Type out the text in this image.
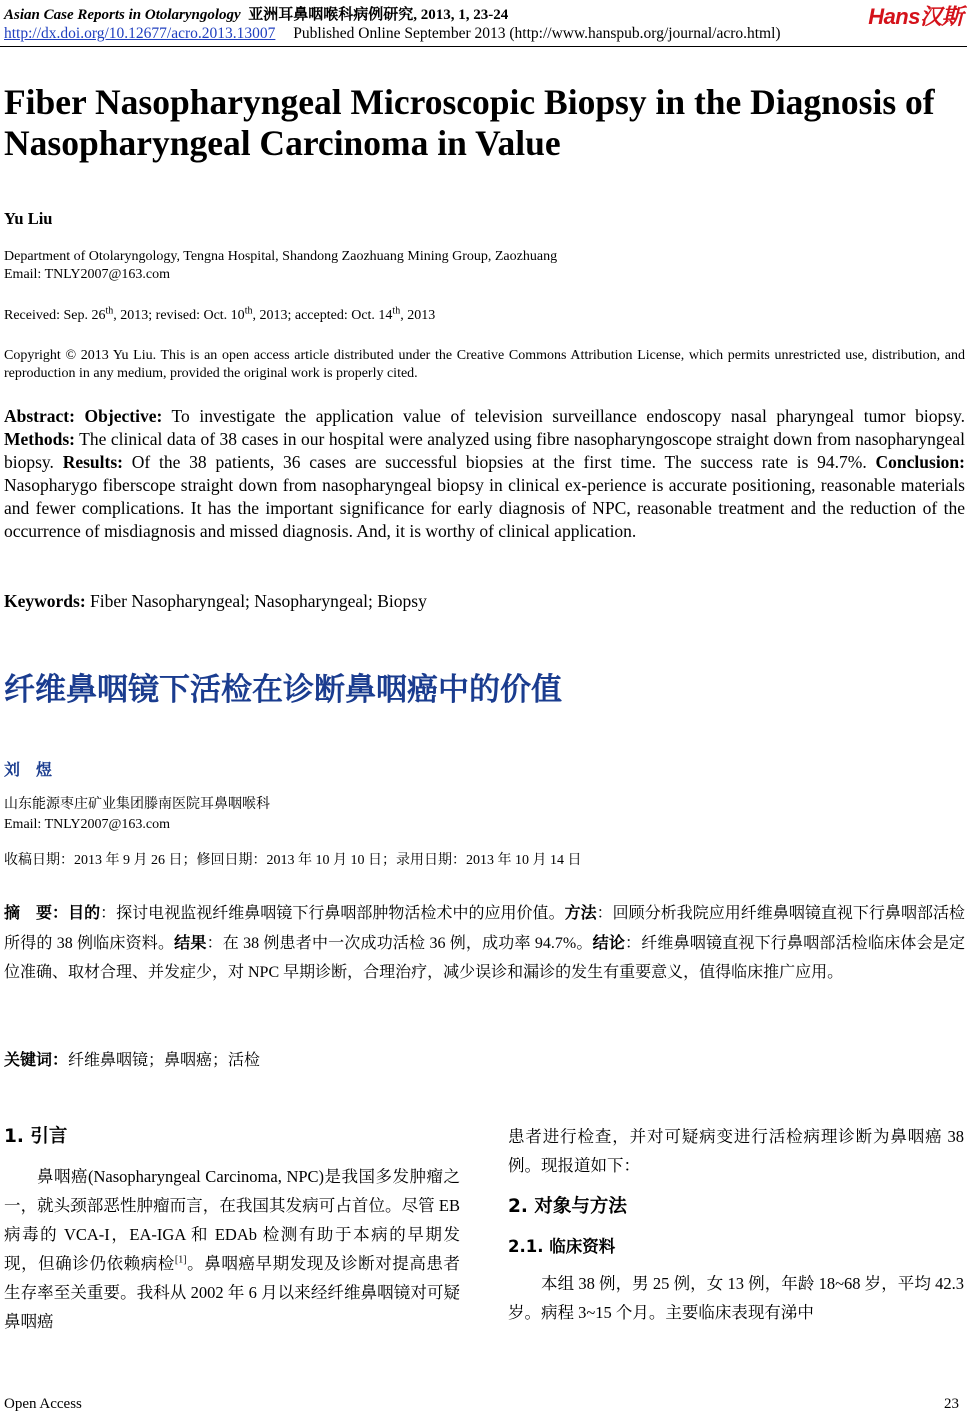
Asian Case Reports in Otolaryngology 亚洲耳鼻咽喉科病例研究, 2013, 1, 23-24	Hans汉斯
http://dx.doi.org/10.12677/acro.2013.13007 Published Online September 2013 (http://www.hanspub.org/journal/acro.html)
Fiber Nasopharyngeal Microscopic Biopsy in the Diagnosis of Nasopharyngeal Carcinoma in Value
Yu Liu
Department of Otolaryngology, Tengna Hospital, Shandong Zaozhuang Mining Group, Zaozhuang
Email: TNLY2007@163.com
Received: Sep. 26th, 2013; revised: Oct. 10th, 2013; accepted: Oct. 14th, 2013
Copyright © 2013 Yu Liu. This is an open access article distributed under the Creative Commons Attribution License, which permits unrestricted use, distribution, and reproduction in any medium, provided the original work is properly cited.
Abstract: Objective: To investigate the application value of television surveillance endoscopy nasal pharyngeal tumor biopsy. Methods: The clinical data of 38 cases in our hospital were analyzed using fibre nasopharyngoscope straight down from nasopharyngeal biopsy. Results: Of the 38 patients, 36 cases are successful biopsies at the first time. The success rate is 94.7%. Conclusion: Nasopharygo fiberscope straight down from nasopharyngeal biopsy in clinical ex-perience is accurate positioning, reasonable materials and fewer complications. It has the important significance for early diagnosis of NPC, reasonable treatment and the reduction of the occurrence of misdiagnosis and missed diagnosis. And, it is worthy of clinical application.
Keywords: Fiber Nasopharyngeal; Nasopharyngeal; Biopsy
纤维鼻咽镜下活检在诊断鼻咽癌中的价值
刘 煜
山东能源枣庄矿业集团滕南医院耳鼻咽喉科
Email: TNLY2007@163.com
收稿日期：2013 年 9 月 26 日；修回日期：2013 年 10 月 10 日；录用日期：2013 年 10 月 14 日
摘　要：目的：探讨电视监视纤维鼻咽镜下行鼻咽部肿物活检术中的应用价值。方法：回顾分析我院应用纤维鼻咽镜直视下行鼻咽部活检所得的 38 例临床资料。结果：在 38 例患者中一次成功活检 36 例，成功率 94.7%。结论：纤维鼻咽镜直视下行鼻咽部活检临床体会是定位准确、取材合理、并发症少，对 NPC 早期诊断，合理治疗，减少误诊和漏诊的发生有重要意义，值得临床推广应用。
关键词：纤维鼻咽镜；鼻咽癌；活检
1. 引言

鼻咽癌(Nasopharyngeal Carcinoma, NPC)是我国多发肿瘤之一，就头颈部恶性肿瘤而言，在我国其发病可占首位。尽管 EB 病毒的 VCA-I，EA-IGA 和 EDAb 检测有助于本病的早期发现，但确诊仍依赖病检[1]。鼻咽癌早期发现及诊断对提高患者生存率至关重要。我科从 2002 年 6 月以来经纤维鼻咽镜对可疑鼻咽癌

患者进行检查，并对可疑病变进行活检病理诊断为鼻咽癌 38 例。现报道如下：

2. 对象与方法
2.1. 临床资料

本组 38 例，男 25 例，女 13 例，年龄 18~68 岁，平均 42.3 岁。病程 3~15 个月。主要临床表现有涕中

Open Access	23
